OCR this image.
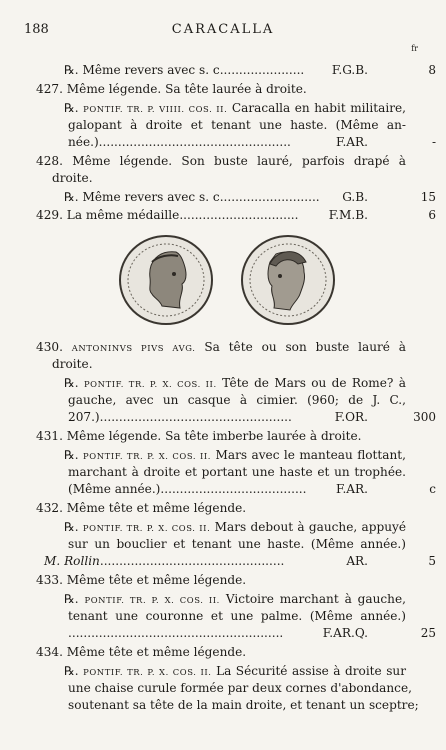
188	CARACALLA
fr
℞. Même revers avec s. c...................... F.G.B.	8
427. Même légende. Sa tête laurée à droite.
℞. PONTIF. TR. P. VIIII. COS. II. Caracalla en habit militaire,
galopant à droite et tenant une haste. (Même an-
née.)..................................................	F.AR.	-
428. Même légende. Son buste lauré, parfois drapé à
droite.
℞. Même revers avec s. c.......................... G.B.	15
429. La même médaille............................... F.M.B.	6
430. ANTONINVS PIVS AVG. Sa tête ou son buste lauré à
droite.
℞. PONTIF. TR. P. X. COS. II. Tête de Mars ou de Rome? à
gauche, avec un casque à cimier. (960; de J. C.,
207.)..................................................	F.OR.	300
431. Même légende. Sa tête imberbe laurée à droite.
℞. PONTIF. TR. P. X. COS. II. Mars avec le manteau flottant,
marchant à droite et portant une haste et un trophée.
(Même année.)...................................... F.AR.	c
432. Même tête et même légende.
℞. PONTIF. TR. P. X. COS. II. Mars debout à gauche, appuyé
sur un bouclier et tenant une haste. (Même année.)
M. Rollin................................................	AR.	5
433. Même tête et même légende.
℞. PONTIF. TR. P. X. COS. II. Victoire marchant à gauche,
tenant une couronne et une palme. (Même année.)
........................................................	F.AR.Q.	25
434. Même tête et même légende.
℞. PONTIF. TR. P. X. COS. II. La Sécurité assise à droite sur
une chaise curule formée par deux cornes d'abondance,
soutenant sa tête de la main droite, et tenant un sceptre;
